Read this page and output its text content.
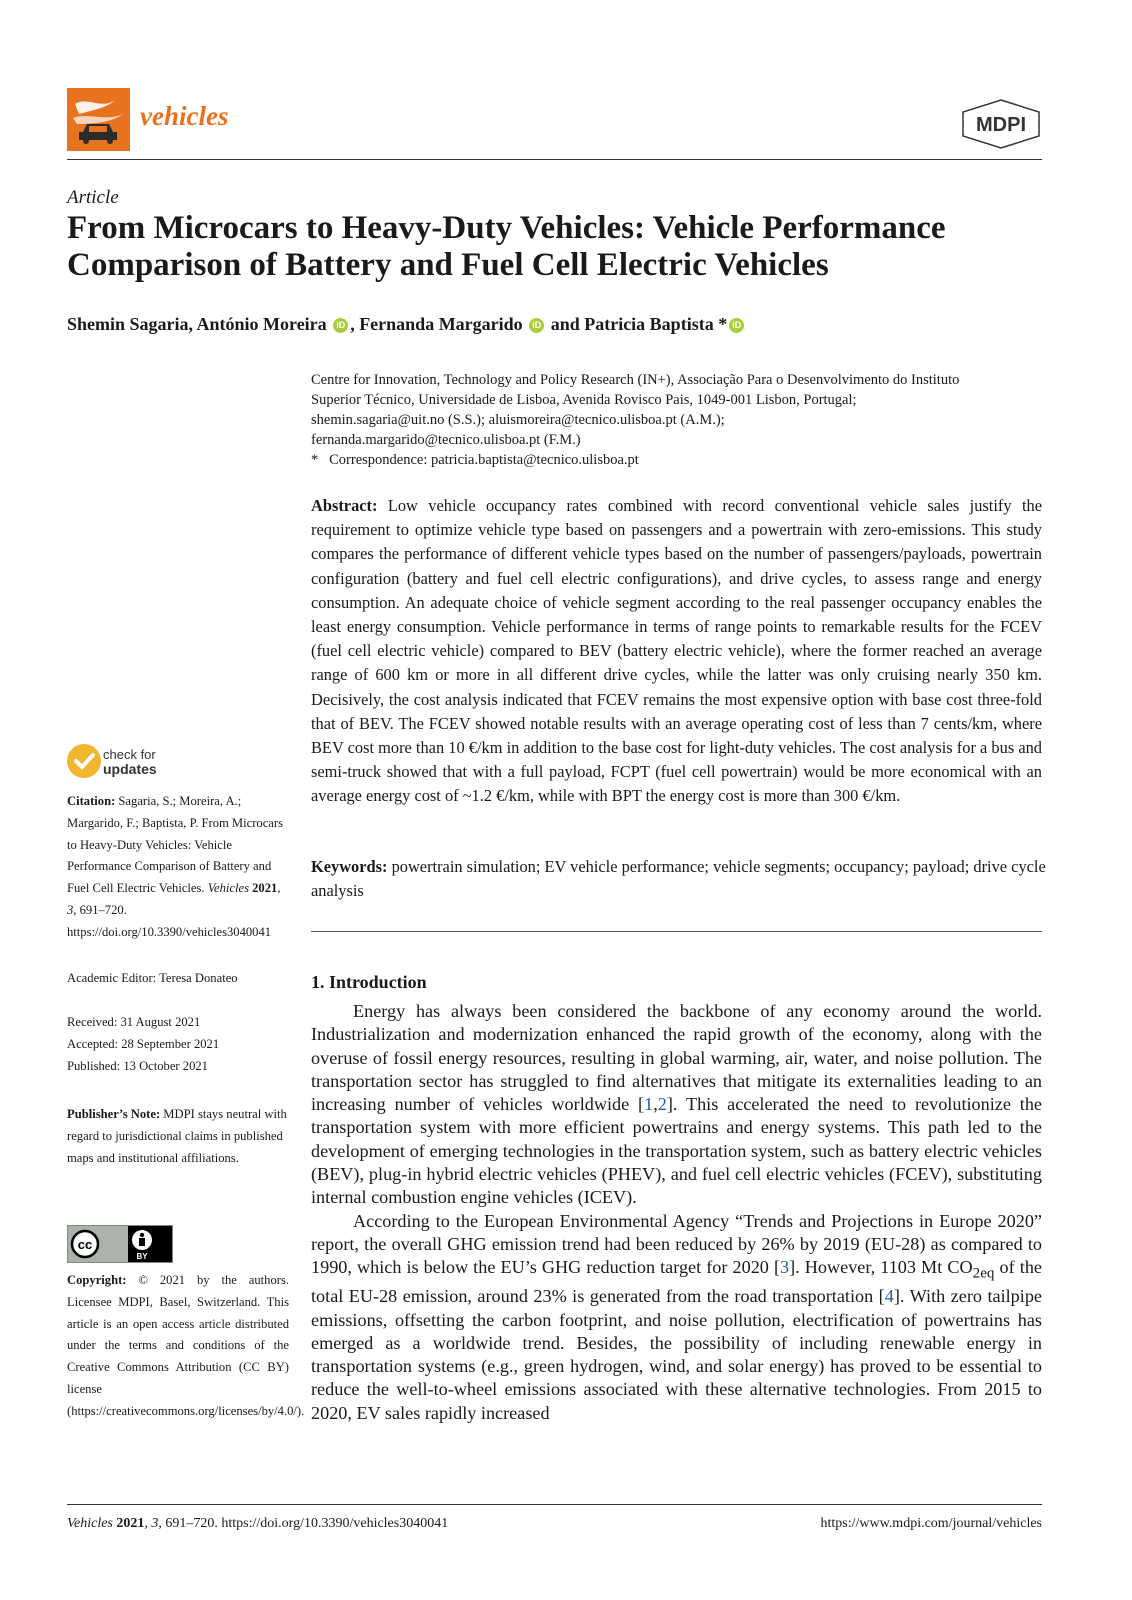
vehicles	MDPI
Article
From Microcars to Heavy-Duty Vehicles: Vehicle Performance Comparison of Battery and Fuel Cell Electric Vehicles
Shemin Sagaria, António Moreira iD , Fernanda Margarido iD and Patricia Baptista * iD

Centre for Innovation, Technology and Policy Research (IN+), Associação Para o Desenvolvimento do Instituto

Superior Técnico, Universidade de Lisboa, Avenida Rovisco Pais, 1049-001 Lisbon, Portugal;

shemin.sagaria@uit.no (S.S.); aluismoreira@tecnico.ulisboa.pt (A.M.);

fernanda.margarido@tecnico.ulisboa.pt (F.M.)

*   Correspondence: patricia.baptista@tecnico.ulisboa.pt

Abstract: Low vehicle occupancy rates combined with record conventional vehicle sales justify the requirement to optimize vehicle type based on passengers and a powertrain with zero-emissions. This study compares the performance of different vehicle types based on the number of passengers/payloads, powertrain configuration (battery and fuel cell electric configurations), and drive cycles, to assess range and energy consumption. An adequate choice of vehicle segment according to the real passenger occupancy enables the least energy consumption. Vehicle performance in terms of range points to remarkable results for the FCEV (fuel cell electric vehicle) compared to BEV (battery electric vehicle), where the former reached an average range of 600 km or more in all different drive cycles, while the latter was only cruising nearly 350 km. Decisively, the cost analysis indicated that FCEV remains the most expensive option with base cost three-fold that of BEV. The FCEV showed notable results with an average operating cost of less than 7 cents/km, where BEV cost more than 10 €/km in addition to the base cost for light-duty vehicles. The cost analysis for a bus and semi-truck showed that with a full payload, FCPT (fuel cell powertrain) would be more economical with an average energy cost of ~1.2 €/km, while with BPT the energy cost is more than 300 €/km.

Keywords: powertrain simulation; EV vehicle performance; vehicle segments; occupancy; payload; drive cycle analysis

1. Introduction

Energy has always been considered the backbone of any economy around the world. Industrialization and modernization enhanced the rapid growth of the economy, along with the overuse of fossil energy resources, resulting in global warming, air, water, and noise pollution. The transportation sector has struggled to find alternatives that mitigate its externalities leading to an increasing number of vehicles worldwide [1,2]. This accelerated the need to revolutionize the transportation system with more efficient powertrains and energy systems. This path led to the development of emerging technologies in the transportation system, such as battery electric vehicles (BEV), plug-in hybrid electric vehicles (PHEV), and fuel cell electric vehicles (FCEV), substituting internal combustion engine vehicles (ICEV).

According to the European Environmental Agency “Trends and Projections in Europe 2020” report, the overall GHG emission trend had been reduced by 26% by 2019 (EU-28) as compared to 1990, which is below the EU’s GHG reduction target for 2020 [3]. However, 1103 Mt $CO_{2eq}$ of the total EU-28 emission, around 23% is generated from the road transportation [4]. With zero tailpipe emissions, offsetting the carbon footprint, and noise pollution, electrification of powertrains has emerged as a worldwide trend. Besides, the possibility of including renewable energy in transportation systems (e.g., green hydrogen, wind, and solar energy) has proved to be essential to reduce the well-to-wheel emissions associated with these alternative technologies. From 2015 to 2020, EV sales rapidly increased

check for
updates

Citation: Sagaria, S.; Moreira, A.; Margarido, F.; Baptista, P. From Microcars to Heavy-Duty Vehicles: Vehicle Performance Comparison of Battery and Fuel Cell Electric Vehicles. Vehicles 2021, 3, 691–720. https://doi.org/10.3390/vehicles3040041

Academic Editor: Teresa Donateo

Received: 31 August 2021

Accepted: 28 September 2021

Published: 13 October 2021

Publisher’s Note: MDPI stays neutral with regard to jurisdictional claims in published maps and institutional affiliations.

cc
BY

Copyright: © 2021 by the authors. Licensee MDPI, Basel, Switzerland. This article is an open access article distributed under the terms and conditions of the Creative Commons Attribution (CC BY) license (https://creativecommons.org/licenses/by/4.0/).

Vehicles 2021, 3, 691–720. https://doi.org/10.3390/vehicles3040041	https://www.mdpi.com/journal/vehicles
